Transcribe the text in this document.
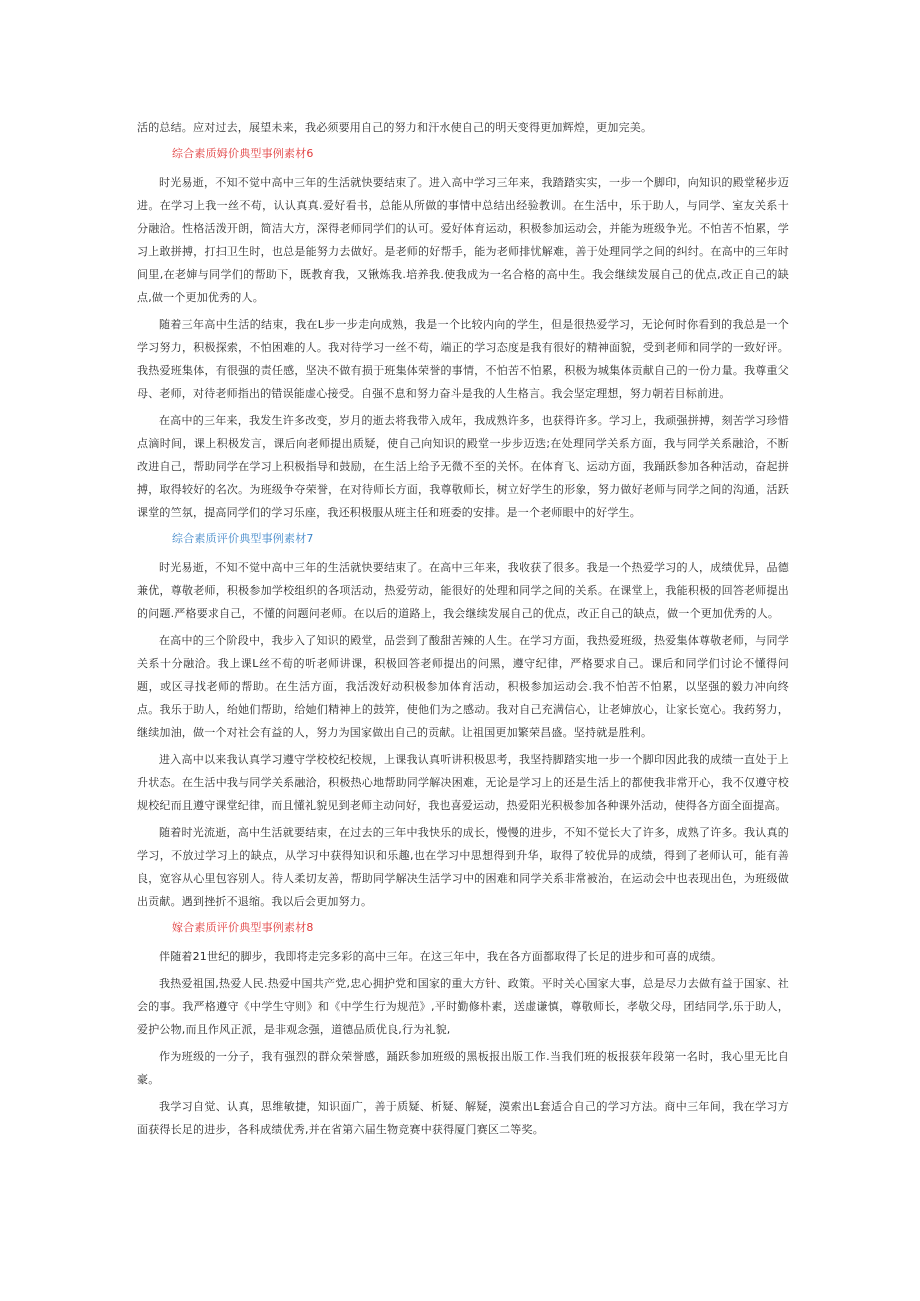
活的总结。应对过去，展望未来，我必须要用自己的努力和汗水使自己的明天变得更加辉煌，更加完美。

综合素质姆价典型事例素材6

时光易逝，不知不觉中高中三年的生活就快要结束了。进入高中学习三年来，我踏踏实实，一步一个脚印，向知识的殿堂秘步迈进。在学习上我一丝不苟，认认真真.爱好看书，总能从所做的事情中总结出经验教训。在生活中，乐于助人，与同学、室友关系十分融洽。性格活泼开朗，简洁大方，深得老师同学们的认可。爱好体育运动，积极参加运动会，并能为班级争光。不怕苦不怕累，学习上敢拼搏，打扫卫生时，也总是能努力去做好。是老师的好帮手，能为老师排忧解难，善于处理同学之间的纠纣。在高中的三年时间里,在老婶与同学们的帮助下，既教育我，又锹炼我.培养我.使我成为一名合格的高中生。我会继续发展自己的优点,改正自己的缺点,做一个更加优秀的人。

随着三年高中生活的结束，我在L步一步走向成熟，我是一个比较内向的学生，但是很热爱学习，无论何时你看到的我总是一个学习努力，积极探索，不怕困难的人。我对待学习一丝不苟，端正的学习态度是我有很好的精神面貌，受到老师和同学的一致好评。我热爱班集体，有很强的责任感，坚决不做有损于班集体荣誉的事情，不怕苦不怕累，积极为城集体贡献自己的一份力量。我尊重父母、老师，对待老师指出的错误能虚心接受。自强不息和努力奋斗是我的人生格言。我会坚定理想，努力朝若目标前进。

在高中的三年来，我发生许多改变，岁月的逝去将我带入成年，我成熟许多，也获得许多。学习上，我顽强拼搏，刻苦学习珍惜点滴时间，课上积极发言，课后向老师提出质疑，使自己向知识的殿堂一步步迈迭;在处理同学关系方面，我与同学关系融洽，不断改进自己，帮助同学在学习上积极指导和鼓励，在生活上给予无微不至的关怀。在体育飞、运动方面，我踊跃参加各种活动，奋起拼搏，取得较好的名次。为班级争夺荣誉，在对待师长方面，我尊敬师长，树立好学生的形象，努力做好老师与同学之间的沟通，活跃课堂的竺氛，提高同学们的学习乐座，我还积极服从班主任和班委的安排。是一个老师眼中的好学生。

综合素质评价典型事例素材7

时光易逝，不知不觉中高中三年的生活就快要结束了。在高中三年来，我收获了很多。我是一个热爱学习的人，成绩优异，品德兼优，尊敬老师，积极参加学校组织的各项活动，热爱劳动，能很好的处理和同学之间的关系。在课堂上，我能积极的回答老师提出的问题.严格要求自己，不懂的问题问老师。在以后的道路上，我会继续发展自己的优点，改正自己的缺点，做一个更加优秀的人。

在高中的三个阶段中，我步入了知识的殿堂，品尝到了酸甜苦辣的人生。在学习方面，我热爱班级，热爱集体尊敬老师，与同学关系十分融洽。我上课L丝不荀的听老师讲课，积极回答老师提出的问黑，遵守纪律，严格要求自己。课后和同学们讨论不懂得问题，或区寻找老师的帮助。在生活方面，我活泼好动积极参加体育活动，积极参加运动会.我不怕苦不怕累，以坚强的毅力冲向终点。我乐于助人，绐她们帮助，给她们精神上的鼓笄，使他们为之感动。我对自己充满信心，让老婶放心，让家长宽心。我药努力，继续加油，做一个对社会有益的人，努力为国家做出自己的贡献。让祖国更加繁荣昌盛。坚持就是胜利。

进入高中以来我认真学习遵守学校校纪校规，上课我认真听讲积极思考，我坚持脚踏实地一步一个脚印因此我的成绩一直处于上升状态。在生活中我与同学关系融洽，积极热心地帮助同学解决困难，无论是学习上的还是生活上的都使我非常开心，我不仅遵守校规校纪而且遵守课堂纪律，而且懂礼貌见到老师主动问好，我也喜爱运动，热爱阳光积极参加各种课外活动，使得各方面全面提高。

随着时光流逝，高中生活就要结束，在过去的三年中我快乐的成长，慢慢的进步，不知不觉长大了许多，成熟了许多。我认真的学习，不放过学习上的缺点，从学习中获得知识和乐趣,也在学习中思想得到升华，取得了较优异的成绩，得到了老师认可，能有善良，宽容从心里包容别人。待人柔切友善，帮助同学解决生活学习中的困难和同学关系非常被治，在运动会中也表现出色，为班级做出贡献。遇到挫折不退缩。我以后会更加努力。

嫁合素质评价典型事例素材8

伴随着21世纪的脚步，我即将走完多彩的高中三年。在这三年中，我在各方面都取得了长足的进步和可喜的成绩。

我热爱祖国,热爱人民.热爱中国共产党,忠心拥护党和国家的重大方针、政策。平时关心国家大事，总是尽力去做有益于国家、社会的事。我严格遵守《中学生守则》和《中学生行为规范》,平时勤修朴素，送虚谦慎，尊敬师长，孝敬父母，团结同学,乐于助人，爱护公物,而且作风正派，是非观念强，道德品质优良,行为礼貌,

作为班级的一分子，我有强烈的群众荣誉感，踊跃参加班级的黑板报出版工作.当我们班的板报获年段第一名时，我心里无比自豪。

我学习自觉、认真，思维敏捷，知识面广，善于质疑、析疑、解疑，漠索出L套适合自己的学习方法。商中三年间，我在学习方面获得长足的进步，各科成绩优秀,并在省第六届生物竞赛中获得厦门赛区二等奖。
